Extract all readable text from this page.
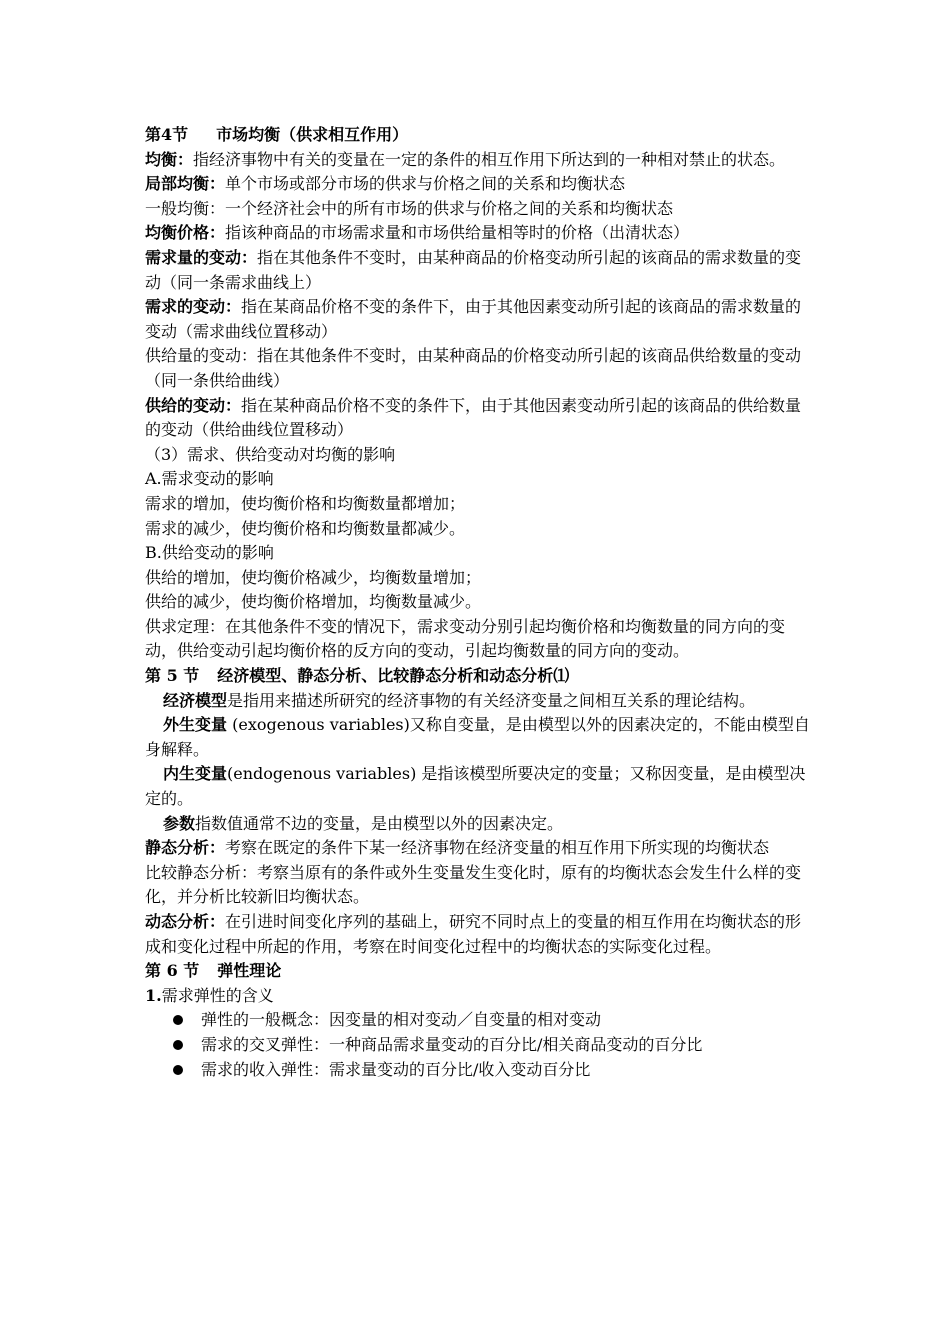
第4节 市场均衡（供求相互作用）

均衡：指经济事物中有关的变量在一定的条件的相互作用下所达到的一种相对禁止的状态。

局部均衡：单个市场或部分市场的供求与价格之间的关系和均衡状态

一般均衡：一个经济社会中的所有市场的供求与价格之间的关系和均衡状态

均衡价格：指该种商品的市场需求量和市场供给量相等时的价格（出清状态）

需求量的变动：指在其他条件不变时，由某种商品的价格变动所引起的该商品的需求数量的变动（同一条需求曲线上）

需求的变动：指在某商品价格不变的条件下，由于其他因素变动所引起的该商品的需求数量的变动（需求曲线位置移动）

供给量的变动：指在其他条件不变时，由某种商品的价格变动所引起的该商品供给数量的变动（同一条供给曲线）

供给的变动：指在某种商品价格不变的条件下，由于其他因素变动所引起的该商品的供给数量的变动（供给曲线位置移动）

（3）需求、供给变动对均衡的影响

A.需求变动的影响

需求的增加，使均衡价格和均衡数量都增加；

需求的减少，使均衡价格和均衡数量都减少。

B.供给变动的影响

供给的增加，使均衡价格减少，均衡数量增加；

供给的减少，使均衡价格增加，均衡数量减少。

供求定理：在其他条件不变的情况下，需求变动分别引起均衡价格和均衡数量的同方向的变动，供给变动引起均衡价格的反方向的变动，引起均衡数量的同方向的变动。

第 5 节 经济模型、静态分析、比较静态分析和动态分析⑴

经济模型是指用来描述所研究的经济事物的有关经济变量之间相互关系的理论结构。

外生变量 (exogenous variables)又称自变量，是由模型以外的因素决定的，不能由模型自身解释。

内生变量(endogenous variables) 是指该模型所要决定的变量；又称因变量，是由模型决定的。

参数指数值通常不边的变量，是由模型以外的因素决定。

静态分析：考察在既定的条件下某一经济事物在经济变量的相互作用下所实现的均衡状态

比较静态分析：考察当原有的条件或外生变量发生变化时，原有的均衡状态会发生什么样的变化，并分析比较新旧均衡状态。

动态分析：在引进时间变化序列的基础上，研究不同时点上的变量的相互作用在均衡状态的形成和变化过程中所起的作用，考察在时间变化过程中的均衡状态的实际变化过程。

第 6 节 弹性理论

1.需求弹性的含义

弹性的一般概念：因变量的相对变动／自变量的相对变动
需求的交叉弹性：一种商品需求量变动的百分比/相关商品变动的百分比
需求的收入弹性：需求量变动的百分比/收入变动百分比
